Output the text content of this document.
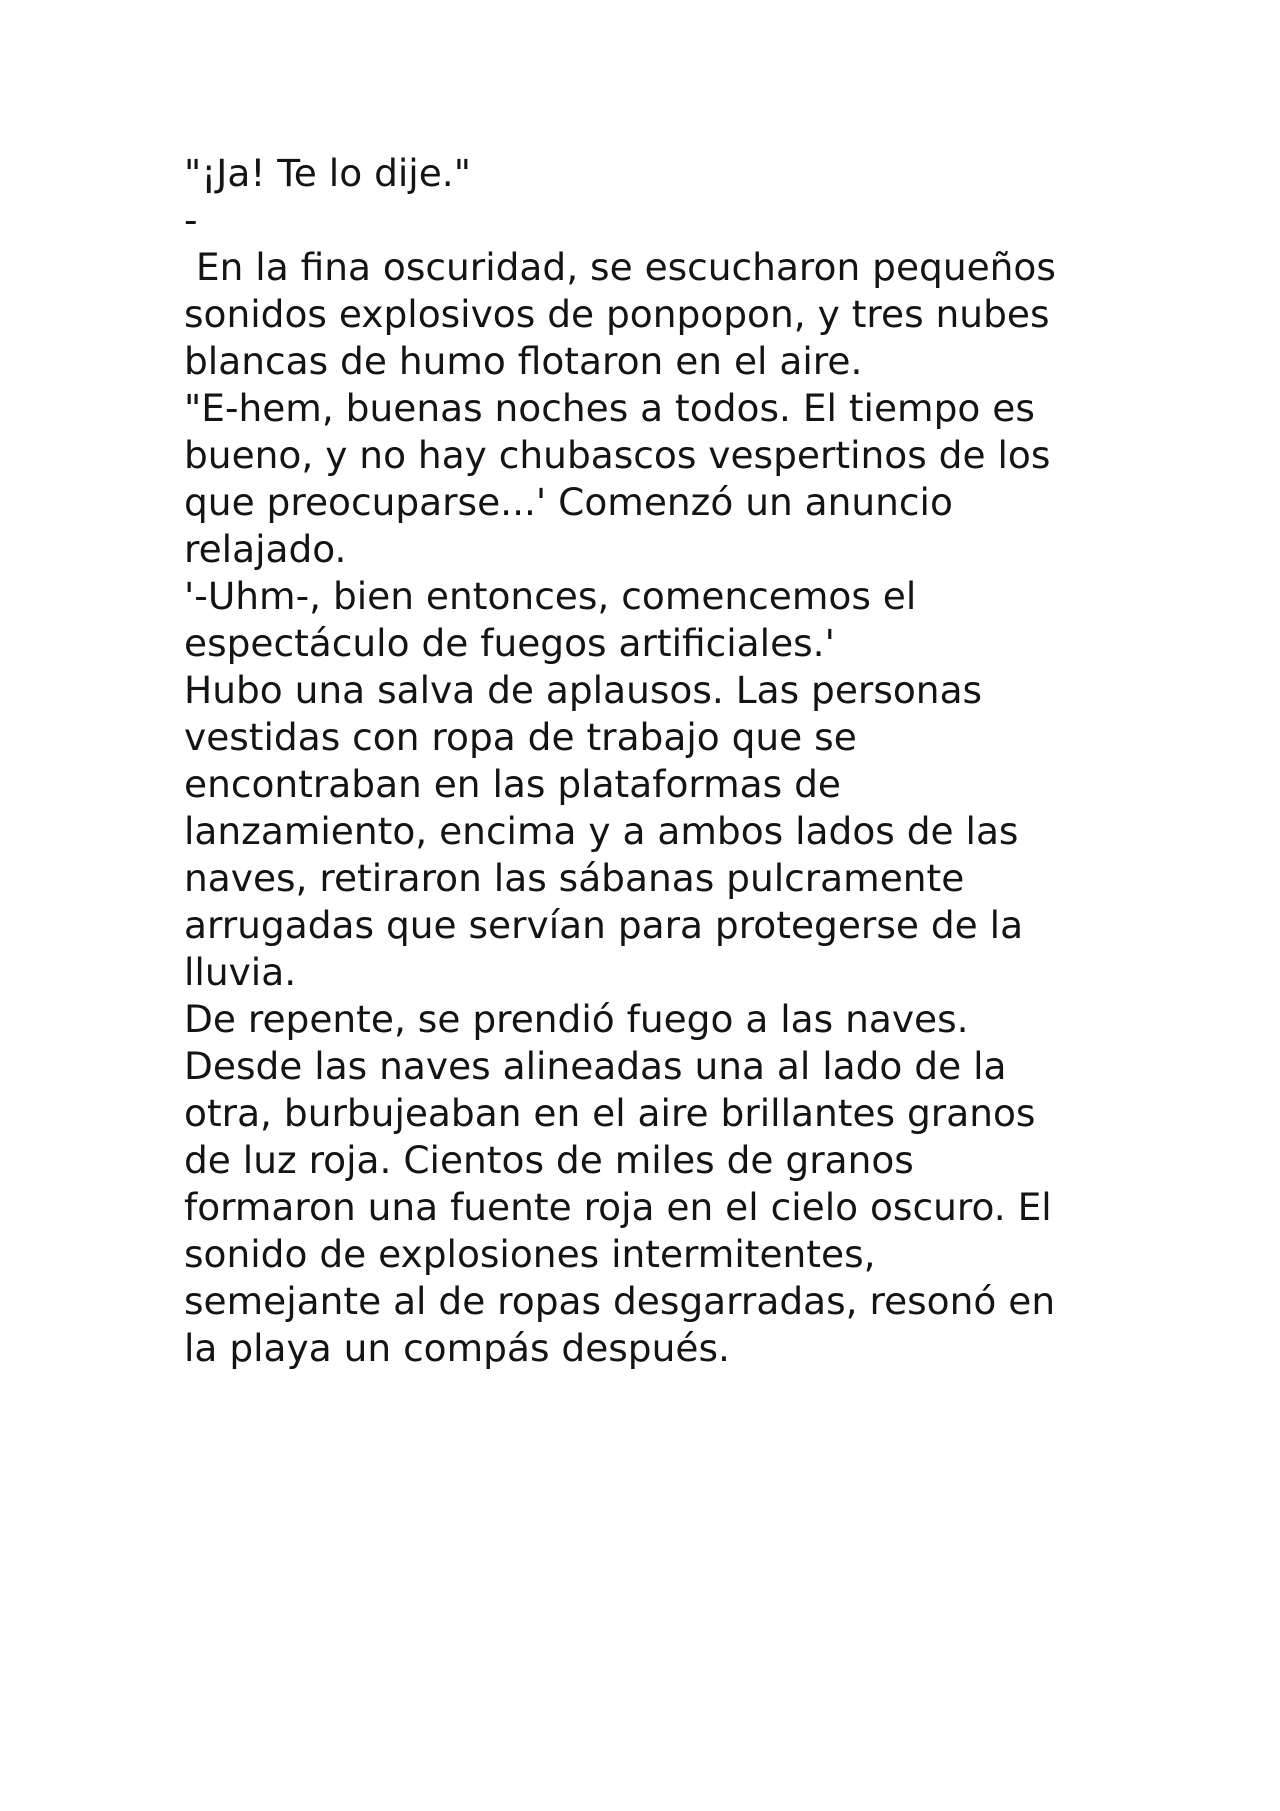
"¡Ja! Te lo dije."

-

En la fina oscuridad, se escucharon pequeños
sonidos explosivos de ponpopon, y tres nubes
blancas de humo flotaron en el aire.

"E-hem, buenas noches a todos. El tiempo es
bueno, y no hay chubascos vespertinos de los
que preocuparse...' Comenzó un anuncio
relajado.

'-Uhm-, bien entonces, comencemos el
espectáculo de fuegos artificiales.'

Hubo una salva de aplausos. Las personas
vestidas con ropa de trabajo que se
encontraban en las plataformas de
lanzamiento, encima y a ambos lados de las
naves, retiraron las sábanas pulcramente
arrugadas que servían para protegerse de la
lluvia.

De repente, se prendió fuego a las naves.

Desde las naves alineadas una al lado de la
otra, burbujeaban en el aire brillantes granos
de luz roja. Cientos de miles de granos
formaron una fuente roja en el cielo oscuro. El
sonido de explosiones intermitentes,
semejante al de ropas desgarradas, resonó en
la playa un compás después.
